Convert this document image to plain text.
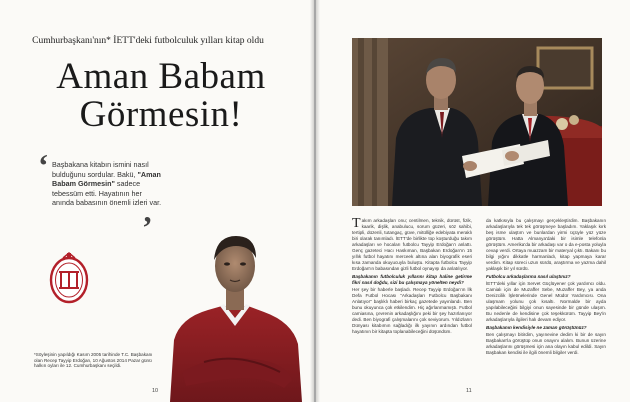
Cumhurbaşkanı'nın* İETT'deki futbolculuk yılları kitap oldu
Aman Babam
Görmesin!
‘ Başbakana kitabın ismini nasıl bulduğunu sordular. Bakü, "Aman Babam Görmesin" sadece tebessüm etti. Hayatının her anında babasının önemli izleri var.
’
*Söyleşinin yapıldığı Kasım 2005 tarihinde T.C. Başbakanı olan Recep Tayyip Erdoğan, 10 Ağustos 2014 Pazar günü halkın oyları ile 12. Cumhurbaşkanı seçildi.
10

Takım arkadaşları onu; centilmen, teknik, dürüst, fizik, kaarik, dişlik, anabulucu, sorum güzeri, söz sahibi, tertipli, düzenli, tutangaç, güve, mitülliğe edebiyata meraklı biri olarak tanımladı. İETT'de birlikte top koşturduğu takım arkadaşları ve hocaları futbolcu Tayyip Erdoğan'ı anlattı. Genç gazeteci Hacı Haskıman, Başbakan Erdoğan'ın 15 yıllık futbol hayatını merceek altına alan biyografik eseri kısa zamanda okuyucuyla buluştu. Kitapta futbolcu Tayyip Erdoğan'ın babasından gizli futbol oynayışı da anlatılıyor.

Başbakanın futbolculuk yıllarını kitap haline getirme fikri nasıl doğdu, sizi bu çalışmaya yönelten neydi?

Her şey bir haberle başladı. Recep Tayyip Erdoğan'ın İlk Defa Futbol Hocası "Arkadaşları Futbolcu Başbakanı Anlatıyor" başlıklı haberi birkaç gazetede yayınlandı. Ben bunu okuyunca çok etkilendim. Hiç ağırlanmamıştı. Futbol camiasına, çevrenin arkadaşlığını peki bir şey hazırlanıyor dedi. Ben biyografi çalışmalarını çok seviyorum. Yıldızların Dünyası kitabımın sağladığı ilk yayının ardından futbol hayatının bir kitapta toplanabileceğini düşündüm.

da katkısıyla bu çalışmayı gerçekleştirdim. Başbakanın arkadaşlarıyla tek tek görüşmeye başladım. Yaklaşık kırk beş isme ulaştım ve bunlardan yirmi üçüyle yüz yüze görüştüm. Hatta Almanya'daki bir isimle telefonla görüştüm. Amerika'da bir arkadaşı var o da e-posta yoluyla cevap verdi. Ortaya muazzam bir materyal çıktı. Bakanı bu bilgi yığını dikkatle harmanladı, kitap yapmaya karar verdim. Kitap süreci uzun sürdü, araştırma ve yazma dahil yaklaşık bir yıl sürdü.

Futbolcu arkadaşlarına nasıl ulaştınız?

İETT'deki yıllar için Servet Güçlüyener çok yardımcı oldu. Camialı için de Muzaffer Sebe, Muzaffer Bey, ya anda Denizcilik İşletmelerinde Genel Müdür Yardımcısı. Ona ulaşmam yolunu çok kısaltı. Normalde bir ayda yapılabileceğini bilgiyi onun sayesinde bir günde ulaşım. Bu nedenle de kendisine çok teşekkürüm. Tayyip Bey'in arkadaşlarıyla ilgileri halı devam ediyor.

Başbakanın kendisiyle ne zaman görüştünüz?

Ben çalışmayı bitirdim, yayınevine dedim ki bir de sayın Başbakan'la görüştüp onun onayını alalım. Bunun üzerine arkadaşlarını görüşmesi için ana olayın kabul edildi. Sayın Başbakan kendisi ile ilgili önemli bilgiler verdi.

11
